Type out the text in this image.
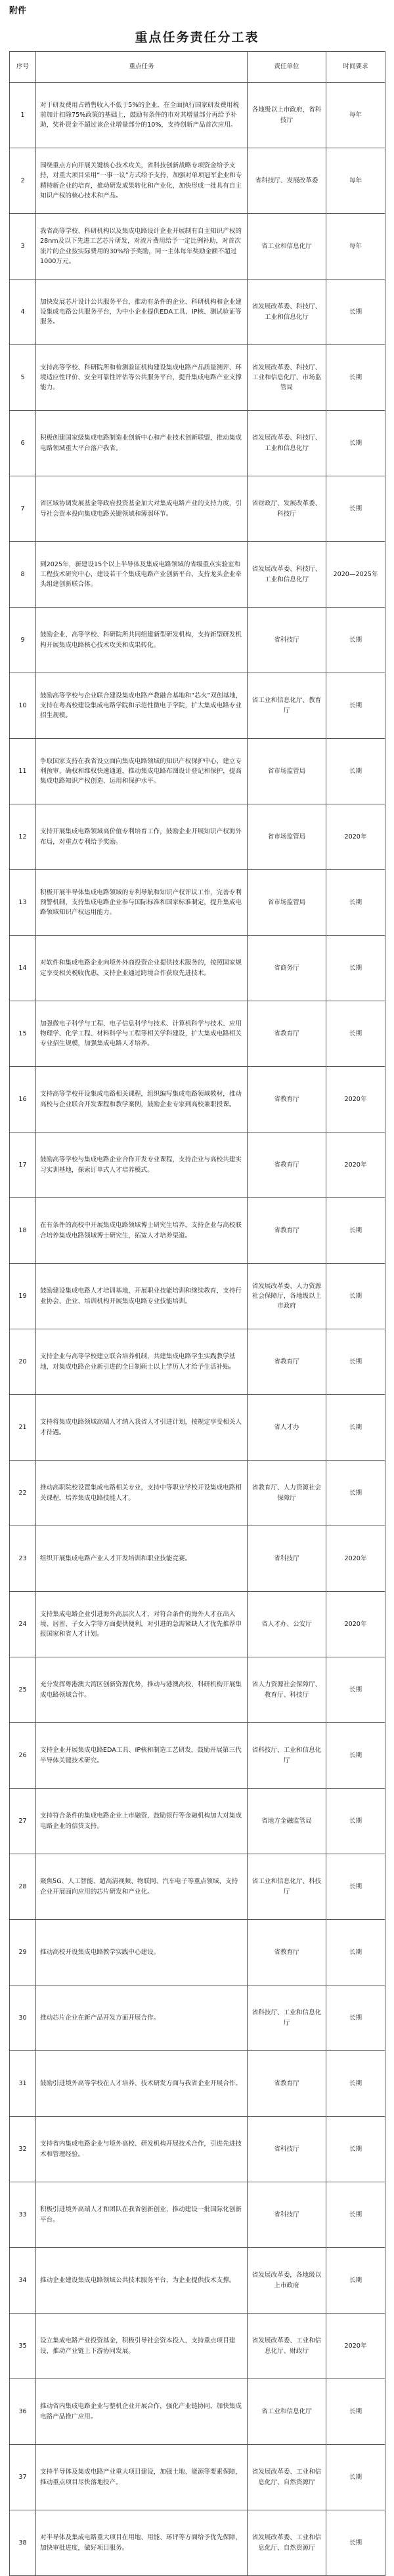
附件
重点任务责任分工表
序号	重点任务	责任单位	时间要求
1	对于研发费用占销售收入不低于5%的企业，在全面执行国家研发费用税前加计扣除75%政策的基础上，鼓励有条件的市对其增量部分再给予补助，奖补资金不超过该企业增量部分的10%，支持创新产品首次应用。	各地级以上市政府，省科技厅	每年
2	围绕重点方向开展关键核心技术攻关，省科技创新战略专项资金给予支持，对重大项目采用“一事一议”方式给予支持，加强对单项冠军企业和专精特新企业的培育，推动研发成果转化和产业化，加快形成一批具有自主知识产权的核心技术和产品。	省科技厅、发展改革委	每年
3	我省高等学校、科研机构以及集成电路设计企业开展制有自主知识产权的28nm及以下先进工艺芯片研发，对流片费用给予一定比例补助，对首次流片的企业按实际费用的30%给予奖励，同一主体每年奖励金额不超过1000万元。	省工业和信息化厅	每年
4	加快发展芯片设计公共服务平台，推动有条件的企业、科研机构和企业建设集成电路公共服务平台，为中小企业提供EDA工具、IP核、测试验证等服务。	省发展改革委、科技厅、工业和信息化厅	长期
5	支持高等学校、科研院所和检测验证机构建设集成电路产品质量测评、环境适应性评价、安全可靠性评估等公共服务平台，提升集成电路产业支撑能力。	省发展改革委、科技厅、工业和信息化厅、市场监管局	长期
6	积极创建国家级集成电路制造业创新中心和产业技术创新联盟，推动集成电路领域重大平台落户我省。	省发展改革委、科技厅、工业和信息化厅	长期
7	省区域协调发展基金等政府投资基金加大对集成电路产业的支持力度，引导社会资本投向集成电路关键领域和薄弱环节。	省财政厅、发展改革委、科技厅	长期
8	到2025年，新建设15个以上半导体及集成电路领域的省级重点实验室和工程技术研究中心，建设若干个集成电路产业创新平台，支持龙头企业牵头组建创新联合体。	省发展改革委、科技厅、工业和信息化厅	2020—2025年
9	鼓励企业、高等学校、科研院所共同组建新型研发机构，支持新型研发机构开展集成电路核心技术攻关和成果转化。	省科技厅	长期
10	鼓励高等学校与企业联合建设集成电路产教融合基地和“芯火”双创基地，支持在粤高校建设集成电路学院和示范性微电子学院，扩大集成电路专业招生规模。	省工业和信息化厅、教育厅	长期
11	争取国家支持在我省设立面向集成电路领域的知识产权保护中心，建立专利预审、确权和维权快速通道，推动集成电路布图设计登记和保护，提高集成电路知识产权创造、运用和保护水平。	省市场监管局	长期
12	支持开展集成电路领域高价值专利培育工作，鼓励企业开展知识产权海外布局，对重点专利给予奖励。	省市场监管局	2020年
13	积极开展半导体集成电路领域的专利导航和知识产权评议工作，完善专利预警机制，支持集成电路企业参与国际标准和国家标准制定，提升集成电路领域知识产权运用能力。	省市场监管局	长期
14	对软件和集成电路企业向境外外商投资企业提供技术服务的，按照国家规定享受相关税收优惠，支持企业通过跨境合作获取先进技术。	省商务厅	长期
15	加强微电子科学与工程、电子信息科学与技术、计算机科学与技术、应用物理学、化学工程、材料科学与工程等相关学科建设，扩大集成电路相关专业招生规模，加强集成电路人才培养。	省教育厅	长期
16	支持高等学校开设集成电路相关课程，组织编写集成电路领域教材，推动高校与企业联合开发课程和教学案例，鼓励企业专家到高校兼职授课。	省教育厅	2020年
17	鼓励高等学校与集成电路企业合作开发专业课程，支持企业与高校共建实习实训基地，探索订单式人才培养模式。	省教育厅	2020年
18	在有条件的高校中开展集成电路领域博士研究生培养，支持企业与高校联合培养集成电路领域博士研究生，拓宽人才培养渠道。	省教育厅	长期
19	鼓励建设集成电路人才培训基地，开展职业技能培训和继续教育，支持行业协会、企业、培训机构开展集成电路专业技能培训。	省发展改革委、人力资源社会保障厅，各地级以上市政府	长期
20	支持企业与高等学校建立联合培养机制，共建集成电路学生实践教学基地，对集成电路企业新引进的全日制硕士以上学历人才给予生活补贴。	省教育厅	长期
21	支持将集成电路领域高端人才纳入我省人才引进计划，按规定享受相关人才待遇。	省人才办	长期
22	推动高职院校设置集成电路相关专业，支持中等职业学校开设集成电路相关课程，培养集成电路技能人才。	省教育厅、人力资源社会保障厅	长期
23	组织开展集成电路产业人才开发培训和职业技能竞赛。	省科技厅	2020年
24	支持集成电路企业引进海外高层次人才，对符合条件的海外人才在出入境、居留、子女入学等方面提供便利，对引进的急需紧缺人才优先推荐申报国家和省人才计划。	省人才办、公安厅	2020年
25	充分发挥粤港澳大湾区创新资源优势，推动与港澳高校、科研机构开展集成电路领域合作。	省人力资源社会保障厅、教育厅、科技厅	长期
26	支持企业开展集成电路EDA工具、IP核和制造工艺研发，鼓励开展第三代半导体关键技术研究。	省科技厅、工业和信息化厅	长期
27	支持符合条件的集成电路企业上市融资，鼓励银行等金融机构加大对集成电路企业的信贷支持。	省地方金融监管局	长期
28	聚焦5G、人工智能、超高清视频、物联网、汽车电子等重点领域，支持企业开展面向应用的芯片研发和产业化。	省工业和信息化厅、科技厅	长期
29	推动高校开设集成电路教学实践中心建设。	省教育厅	长期
30	推动芯片企业在新产品开发方面开展合作。	省科技厅、工业和信息化厅	长期
31	鼓励引进境外高等学校在人才培养、技术研发方面与我省企业开展合作。	省教育厅	长期
32	支持省内集成电路企业与境外高校、研发机构开展技术合作，引进先进技术和管理经验。	省科技厅	长期
33	积极引进境外高端人才和团队在我省创新创业，推动建设一批国际化创新平台。	省科技厅	长期
34	推动企业建设集成电路领域公共技术服务平台，为企业提供技术支撑。	省发展改革委，各地级以上市政府	长期
35	设立集成电路产业投资基金，积极引导社会资本投入，支持重点项目建设，推动产业链上下游协同发展。	省发展改革委、工业和信息化厅、财政厅	2020年
36	推动省内集成电路企业与整机企业开展合作，强化产业链协同，加快集成电路产品推广应用。	省工业和信息化厅	长期
37	支持半导体及集成电路产业重大项目建设，加强土地、能源等要素保障，推动重点项目尽快落地投产。	省发展改革委、工业和信息化厅、自然资源厅	长期
38	对半导体及集成电路重大项目在用地、用能、环评等方面给予优先保障，加快审批进度，做好项目服务。	省发展改革委、工业和信息化厅、自然资源厅	长期
